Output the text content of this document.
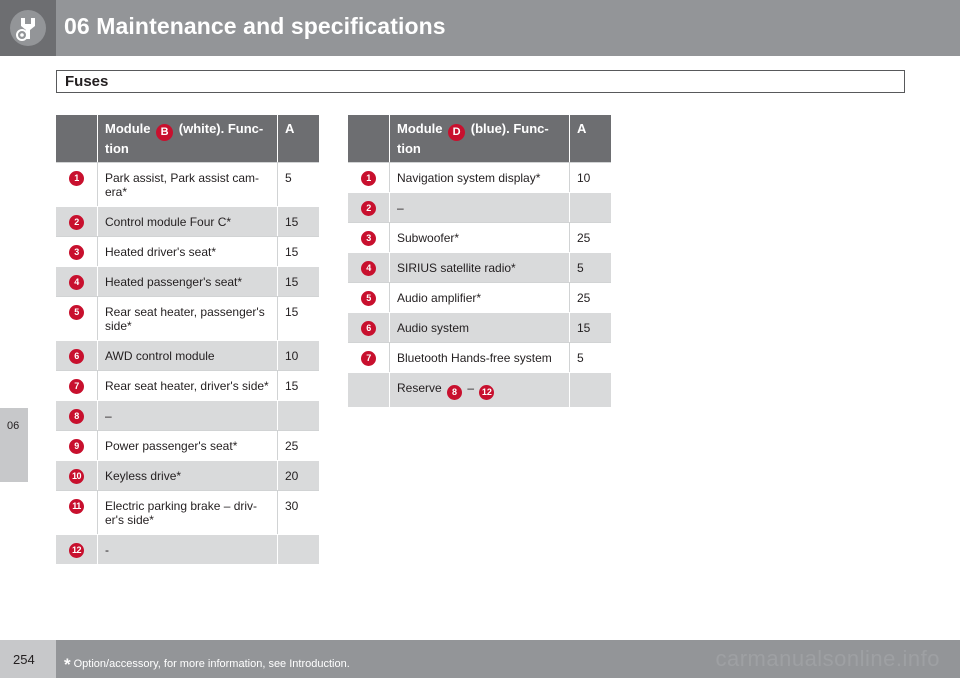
06 Maintenance and specifications
Fuses
06
	Module B (white). Func-tion	A

1	Park assist, Park assist cam-era*	5

2	Control module Four C*	15

3	Heated driver's seat*	15

4	Heated passenger's seat*	15

5	Rear seat heater, passenger's side*	15

6	AWD control module	10

7	Rear seat heater, driver's side*	15

8	–	

9	Power passenger's seat*	25

10	Keyless drive*	20

11	Electric parking brake – driv-er's side*	30

12	-	
	Module D (blue). Func-tion	A

1	Navigation system display*	10

2	–	

3	Subwoofer*	25

4	SIRIUS satellite radio*	5

5	Audio amplifier*	25

6	Audio system	15

7	Bluetooth Hands-free system	5
	Reserve 8 – 12	
254 * Option/accessory, for more information, see Introduction.	carmanualsonline.info
